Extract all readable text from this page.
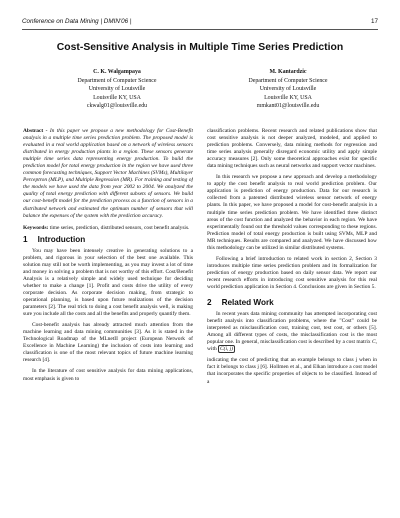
Conference on Data Mining | DMIN'06 |	17
Cost-Sensitive Analysis in Multiple Time Series Prediction
C. K. Walgampaya
Department of Computer Science
University of Louisville
Louisville KY, USA
ckwalg01@louisville.edu
M. Kantardzic
Department of Computer Science
University of Louisville
Louisville KY, USA
mmkant01@louisville.edu

Abstract - In this paper we propose a new methodology for Cost-Benefit analysis in a multiple time series prediction problem. The proposed model is evaluated in a real world application based on a network of wireless sensors distributed in energy production plants in a region. These sensors generate multiple time series data representing energy production. To build the prediction model for total energy production in the region we have used three common forecasting techniques, Support Vector Machines (SVMs), Multilayer Perceptron (MLP), and Multiple Regression (MR). For training and testing of the models we have used the data from year 2002 to 2004. We analyzed the quality of total energy prediction with different subsets of sensors. We build our cost-benefit model for the prediction process as a function of sensors in a distributed network and estimated the optimum number of sensors that will balance the expenses of the system with the prediction accuracy.

Keywords: time series, prediction, distributed sensors, cost benefit analysis.

1 Introduction

You may have been intensely creative in generating solutions to a problem, and rigorous in your selection of the best one available. This solution may still not be worth implementing, as you may invest a lot of time and money in solving a problem that is not worthy of this effort. Cost/Benefit Analysis is a relatively simple and widely used technique for deciding whether to make a change [1]. Profit and costs drive the utility of every corporate decision. As corporate decision making, from strategic to operational planning, is based upon future realizations of the decision parameters [2]. The real trick to doing a cost benefit analysis well, is making sure you include all the costs and all the benefits and properly quantify them.

Cost-benefit analysis has already attracted much attention from the machine learning and data mining communities [3]. As it is stated in the Technological Roadmap of the MLnetII project (European Network of Excellence in Machine Learning) the inclusion of costs into learning and classification is one of the most relevant topics of future machine learning research [4].

In the literature of cost sensitive analysis for data mining applications, most emphasis is given to

classification problems. Recent research and related publications show that cost sensitive analysis is not deeper analyzed, modeled, and applied to prediction problems. Conversely, data mining methods for regression and time series analysis generally disregard economic utility and apply simple accuracy measures [2]. Only some theoretical approaches exist for specific data mining techniques such as neural networks and support vector machines.

In this research we propose a new approach and develop a methodology to apply the cost benefit analysis to real world prediction problem. Our application is prediction of energy production. Data for our research is collected from a patented distributed wireless sensor network of energy plants. In this paper, we have proposed a model for cost-benefit analysis in a multiple time series prediction problem. We have identified three distinct areas of the cost function and analyzed the behavior in each region. We have experimentally found out the threshold values corresponding to these regions. Prediction model of total energy production is built using SVMs, MLP and MR techniques. Results are compared and analyzed. We have discussed how this methodology can be utilized in similar distributed systems.

Following a brief introduction to related work in section 2, Section 3 introduces multiple time series prediction problem and its formalization for prediction of energy production based on daily sensor data. We report our recent research efforts in introducing cost sensitive analysis for this real world prediction application in Section 4. Conclusions are given in Section 5.

2 Related Work

In recent years data mining community has attempted incorporating cost benefit analysis into classification problems, where the "Cost" could be interpreted as misclassification cost, training cost, test cost, or others [5]. Among all different types of costs, the misclassification cost is the most popular one. In general, misclassification cost is described by a cost matrix C, with C(i, j)

indicating the cost of predicting that an example belongs to class j when in fact it belongs to class j [6]. Hollmen et al., and Elkan introduce a cost model that incorporates the specific properties of objects to be classified. Instead of a
